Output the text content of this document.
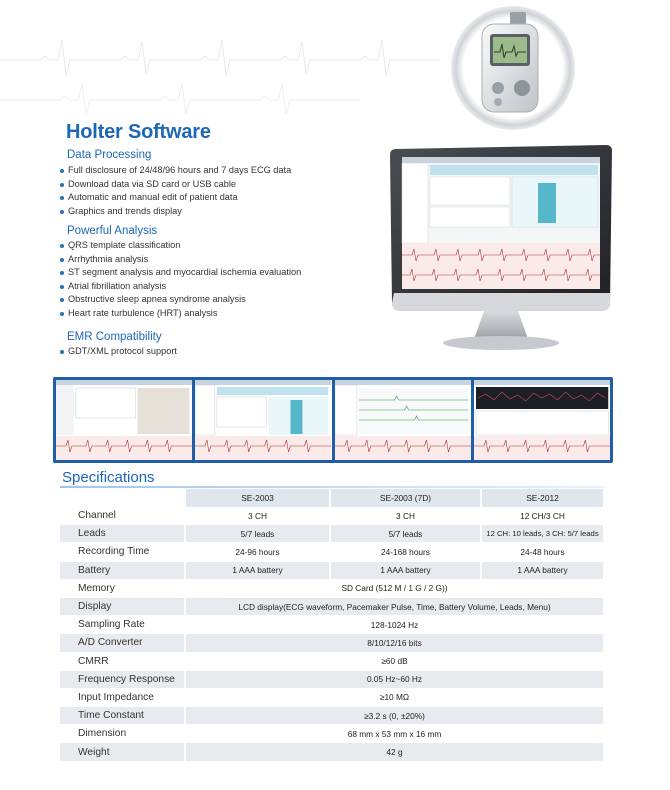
Holter Software
Data Processing
Full disclosure of 24/48/96 hours and 7 days ECG data
Download data via SD card or USB cable
Automatic and manual edit of patient data
Graphics and trends display
Powerful Analysis
QRS template classification
Arrhythmia analysis
ST segment analysis and myocardial ischemia evaluation
Atrial fibrillation analysis
Obstructive sleep apnea syndrome analysis
Heart rate turbulence (HRT) analysis
EMR Compatibility
GDT/XML protocol support
Specifications
	SE-2003	SE-2003 (7D)	SE-2012
Channel	3 CH	3 CH	12 CH/3 CH
Leads	5/7 leads	5/7 leads	12 CH: 10 leads, 3 CH: 5/7 leads
Recording Time	24-96 hours	24-168 hours	24-48 hours
Battery	1 AAA battery	1 AAA battery	1 AAA battery
Memory	SD Card (512 M / 1 G / 2 G))		
Display	LCD display(ECG waveform, Pacemaker Pulse, Time, Battery Volume, Leads, Menu)		
Sampling Rate	128-1024 Hz		
A/D Converter	8/10/12/16 bits		
CMRR	≥60 dB		
Frequency Response	0.05 Hz~60 Hz		
Input Impedance	≥10 MΩ		
Time Constant	≥3.2 s (0, ±20%)		
Dimension	68 mm x 53 mm x 16 mm		
Weight	42 g		
